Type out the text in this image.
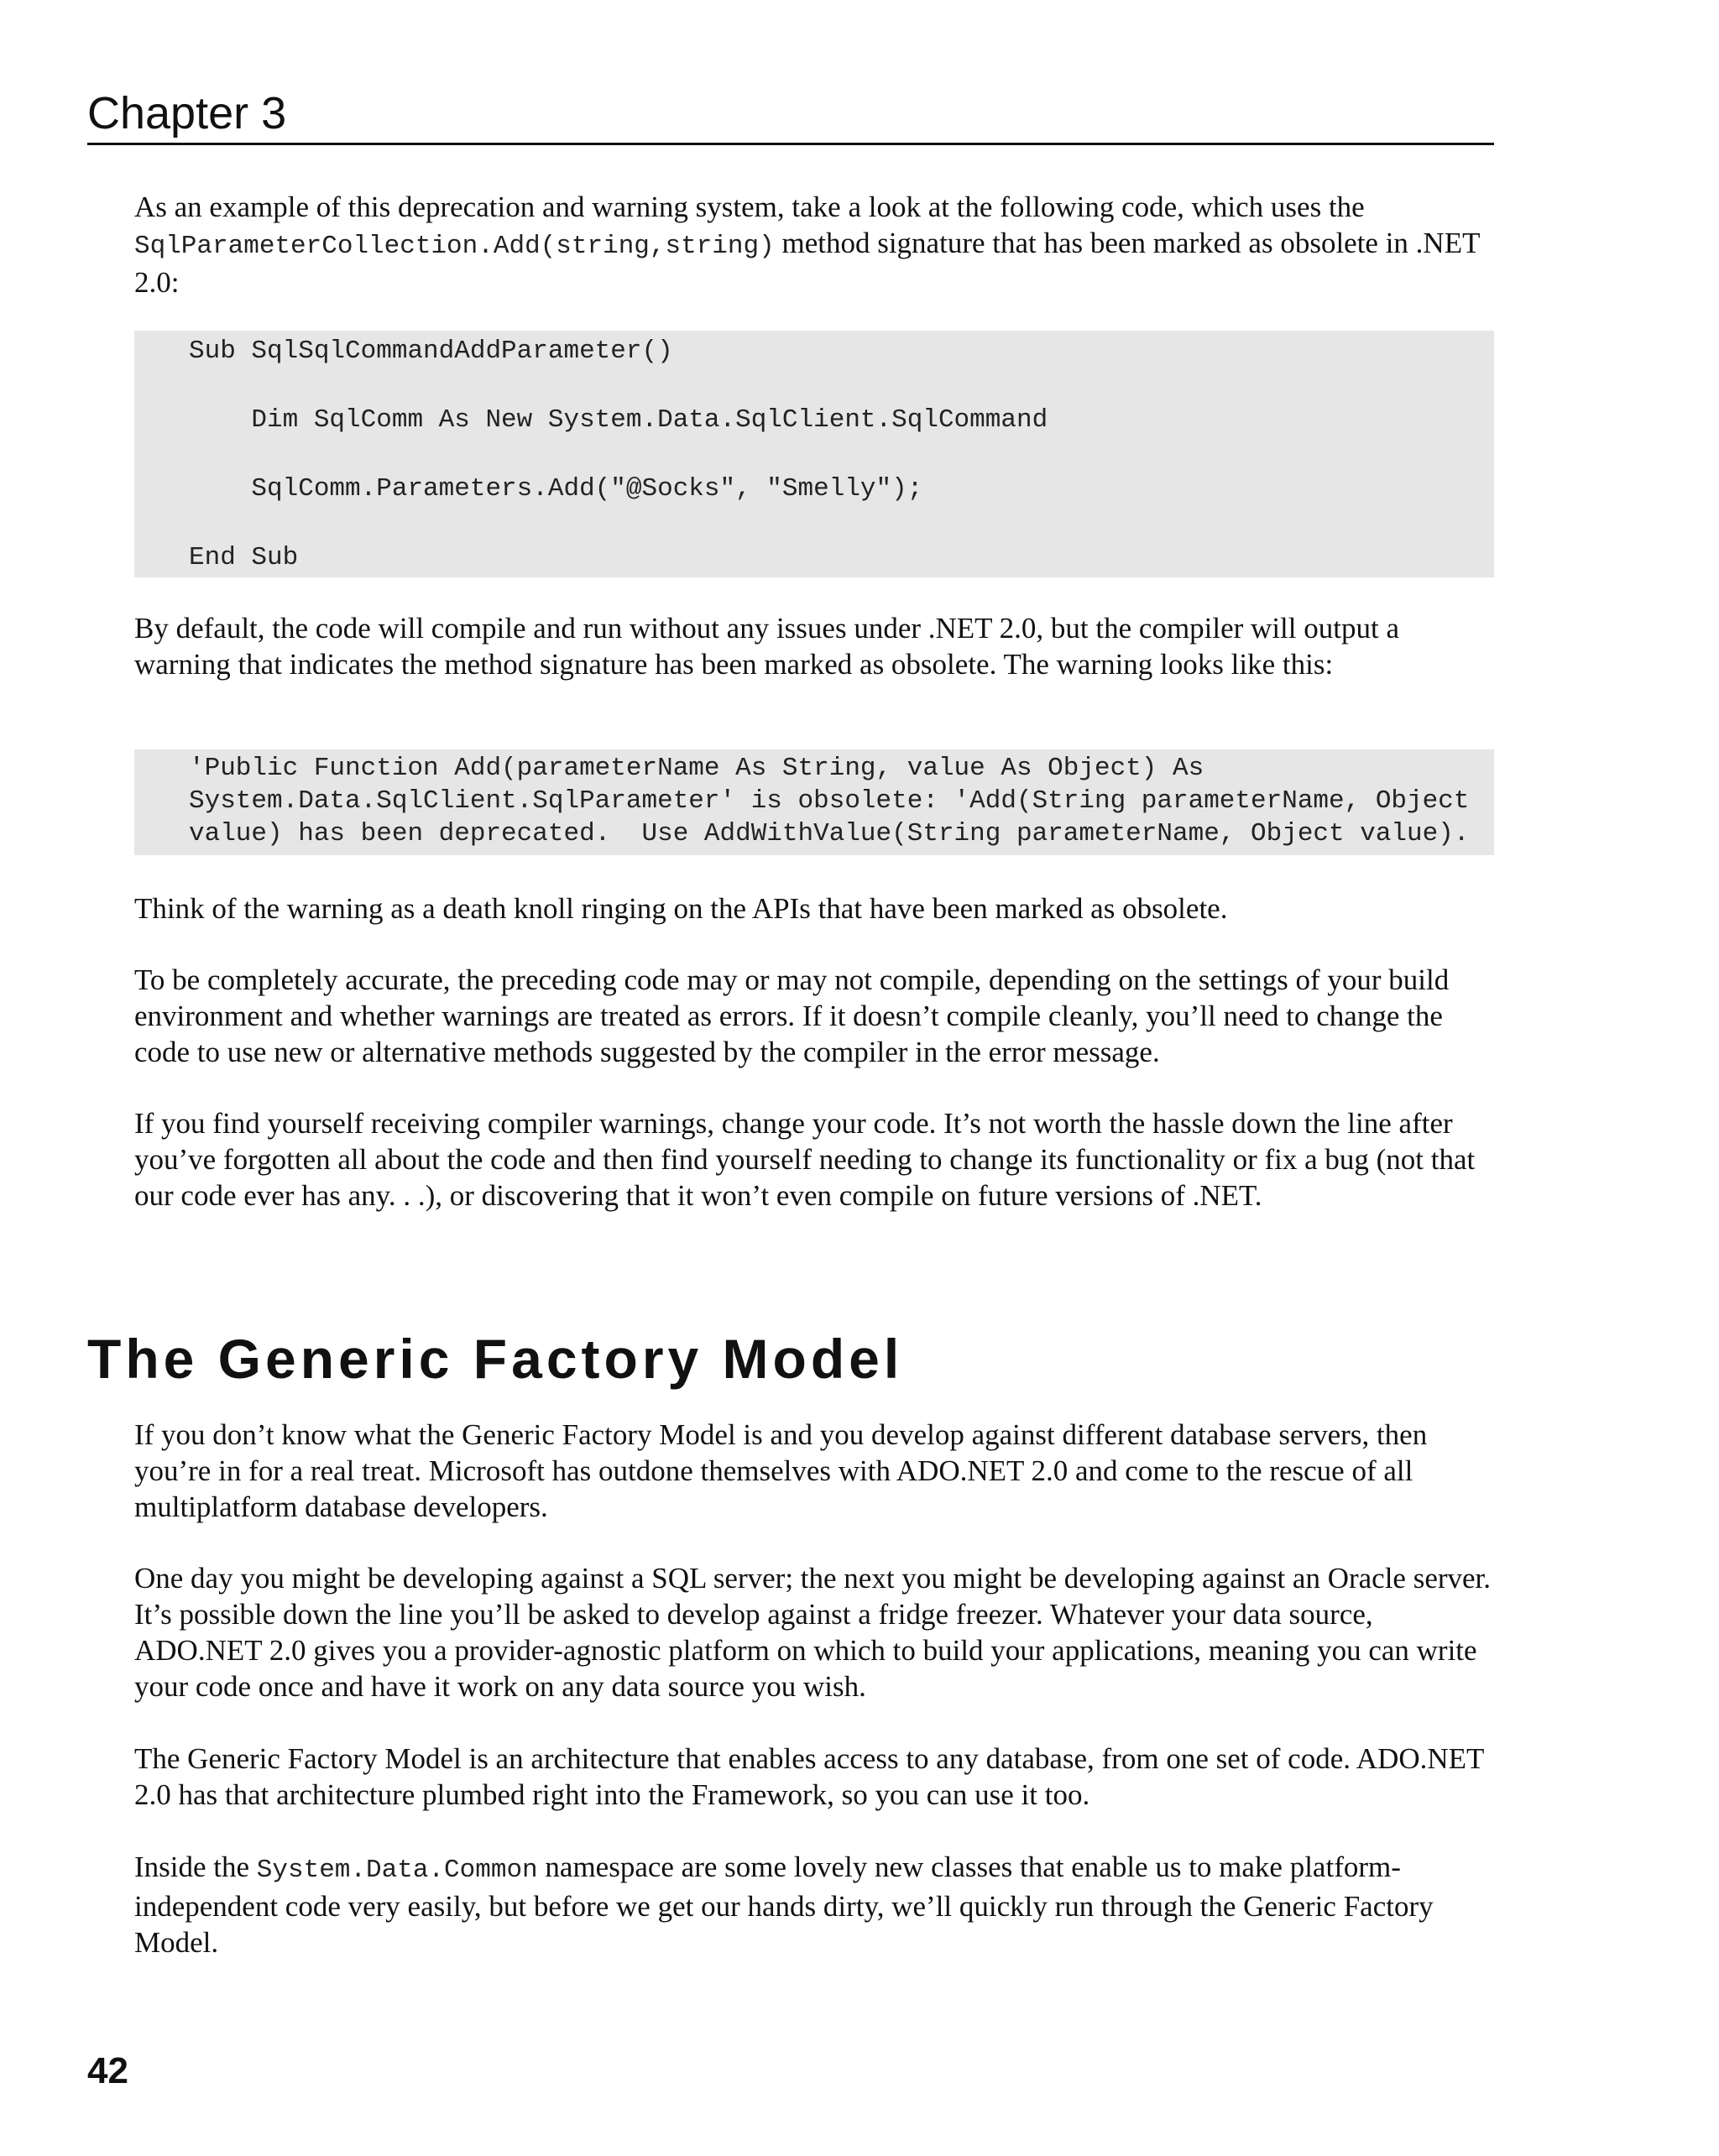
Chapter 3

As an example of this deprecation and warning system, take a look at the following code, which uses the SqlParameterCollection.Add(string,string) method signature that has been marked as obsolete in .NET 2.0:

Sub SqlSqlCommandAddParameter()
Dim SqlComm As New System.Data.SqlClient.SqlCommand
SqlComm.Parameters.Add("@Socks", "Smelly");
End Sub

By default, the code will compile and run without any issues under .NET 2.0, but the compiler will output a warning that indicates the method signature has been marked as obsolete. The warning looks like this:

'Public Function Add(parameterName As String, value As Object) As
System.Data.SqlClient.SqlParameter' is obsolete: 'Add(String parameterName, Object
value) has been deprecated.  Use AddWithValue(String parameterName, Object value).

Think of the warning as a death knoll ringing on the APIs that have been marked as obsolete.

To be completely accurate, the preceding code may or may not compile, depending on the settings of your build environment and whether warnings are treated as errors. If it doesn’t compile cleanly, you’ll need to change the code to use new or alternative methods suggested by the compiler in the error message.

If you find yourself receiving compiler warnings, change your code. It’s not worth the hassle down the line after you’ve forgotten all about the code and then find yourself needing to change its functionality or fix a bug (not that our code ever has any. . .), or discovering that it won’t even compile on future versions of .NET.

The Generic Factory Model

If you don’t know what the Generic Factory Model is and you develop against different database servers, then you’re in for a real treat. Microsoft has outdone themselves with ADO.NET 2.0 and come to the rescue of all multiplatform database developers.

One day you might be developing against a SQL server; the next you might be developing against an Oracle server. It’s possible down the line you’ll be asked to develop against a fridge freezer. Whatever your data source, ADO.NET 2.0 gives you a provider-agnostic platform on which to build your applications, meaning you can write your code once and have it work on any data source you wish.

The Generic Factory Model is an architecture that enables access to any database, from one set of code. ADO.NET 2.0 has that architecture plumbed right into the Framework, so you can use it too.

Inside the System.Data.Common namespace are some lovely new classes that enable us to make platform-independent code very easily, but before we get our hands dirty, we’ll quickly run through the Generic Factory Model.

42
